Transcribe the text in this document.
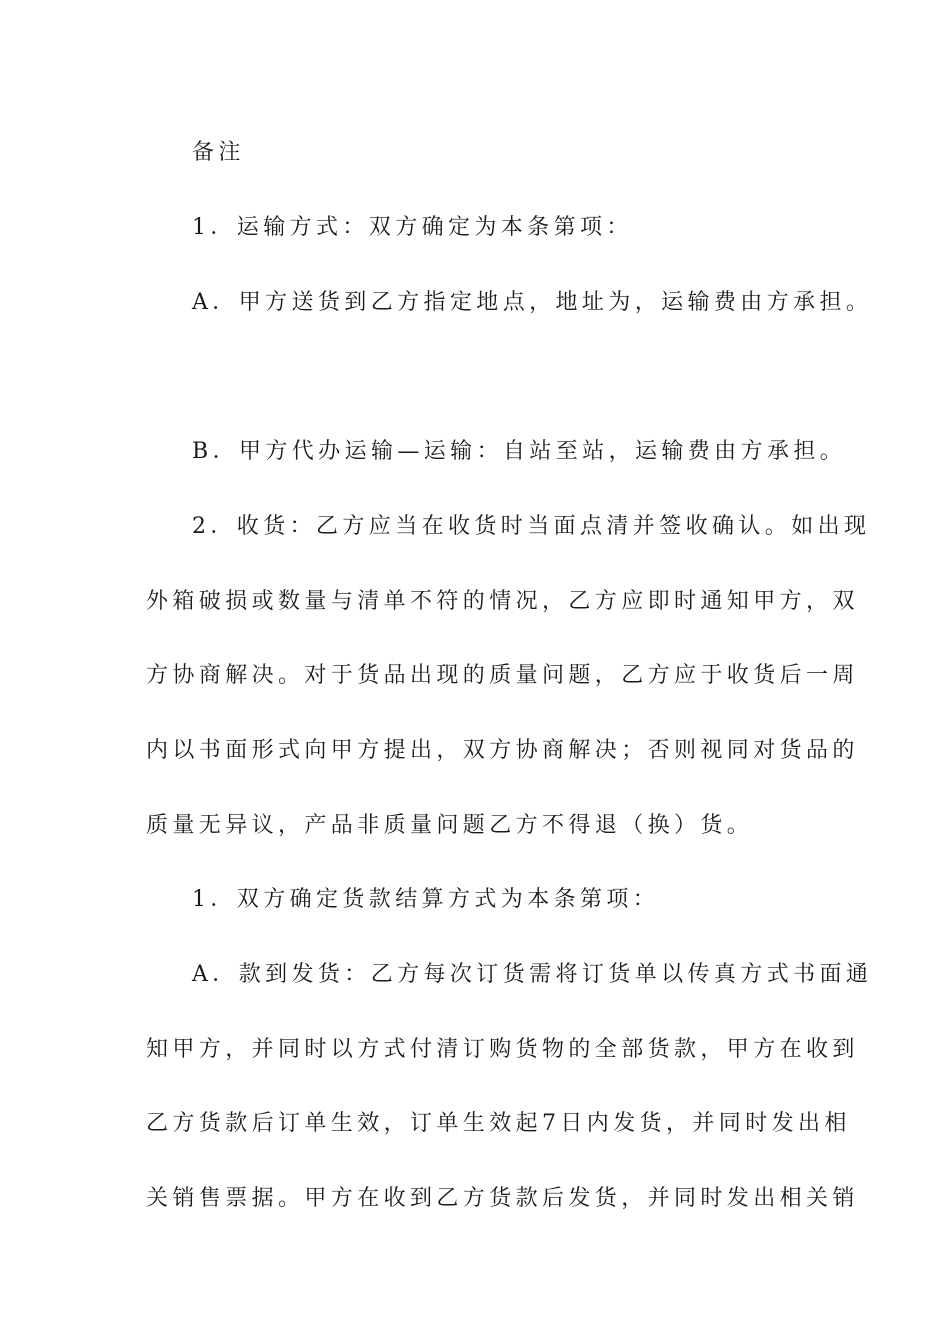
备注
1．运输方式：双方确定为本条第项：
A．甲方送货到乙方指定地点，地址为，运输费由方承担。
B．甲方代办运输—运输：自站至站，运输费由方承担。
2．收货：乙方应当在收货时当面点清并签收确认。如出现
外箱破损或数量与清单不符的情况，乙方应即时通知甲方，双
方协商解决。对于货品出现的质量问题，乙方应于收货后一周
内以书面形式向甲方提出，双方协商解决；否则视同对货品的
质量无异议，产品非质量问题乙方不得退（换）货。
1．双方确定货款结算方式为本条第项：
A．款到发货：乙方每次订货需将订货单以传真方式书面通
知甲方，并同时以方式付清订购货物的全部货款，甲方在收到
乙方货款后订单生效，订单生效起7日内发货，并同时发出相
关销售票据。甲方在收到乙方货款后发货，并同时发出相关销
